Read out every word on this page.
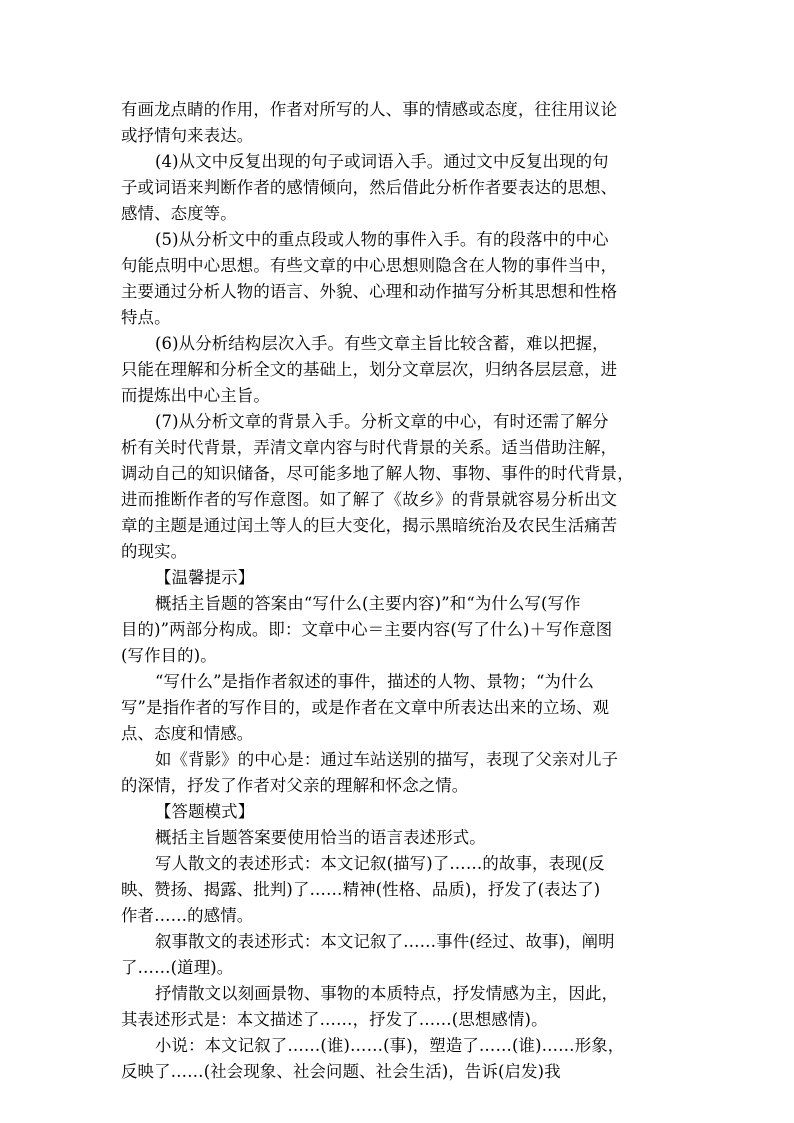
有画龙点睛的作用，作者对所写的人、事的情感或态度，往往用议论
或抒情句来表达。
(4)从文中反复出现的句子或词语入手。通过文中反复出现的句
子或词语来判断作者的感情倾向，然后借此分析作者要表达的思想、
感情、态度等。
(5)从分析文中的重点段或人物的事件入手。有的段落中的中心
句能点明中心思想。有些文章的中心思想则隐含在人物的事件当中，
主要通过分析人物的语言、外貌、心理和动作描写分析其思想和性格
特点。
(6)从分析结构层次入手。有些文章主旨比较含蓄，难以把握，
只能在理解和分析全文的基础上，划分文章层次，归纳各层层意，进
而提炼出中心主旨。
(7)从分析文章的背景入手。分析文章的中心，有时还需了解分
析有关时代背景，弄清文章内容与时代背景的关系。适当借助注解，
调动自己的知识储备，尽可能多地了解人物、事物、事件的时代背景，
进而推断作者的写作意图。如了解了《故乡》的背景就容易分析出文
章的主题是通过闰土等人的巨大变化，揭示黑暗统治及农民生活痛苦
的现实。
【温馨提示】
概括主旨题的答案由“写什么(主要内容)”和“为什么写(写作
目的)”两部分构成。即：文章中心＝主要内容(写了什么)＋写作意图
(写作目的)。
“写什么”是指作者叙述的事件，描述的人物、景物；“为什么
写”是指作者的写作目的，或是作者在文章中所表达出来的立场、观
点、态度和情感。
如《背影》的中心是：通过车站送别的描写，表现了父亲对儿子
的深情，抒发了作者对父亲的理解和怀念之情。
【答题模式】
概括主旨题答案要使用恰当的语言表述形式。
写人散文的表述形式：本文记叙(描写)了……的故事，表现(反
映、赞扬、揭露、批判)了……精神(性格、品质)，抒发了(表达了)
作者……的感情。
叙事散文的表述形式：本文记叙了……事件(经过、故事)，阐明
了……(道理)。
抒情散文以刻画景物、事物的本质特点，抒发情感为主，因此，
其表述形式是：本文描述了……，抒发了……(思想感情)。
小说：本文记叙了……(谁)……(事)，塑造了……(谁)……形象，
反映了……(社会现象、社会问题、社会生活)，告诉(启发)我
